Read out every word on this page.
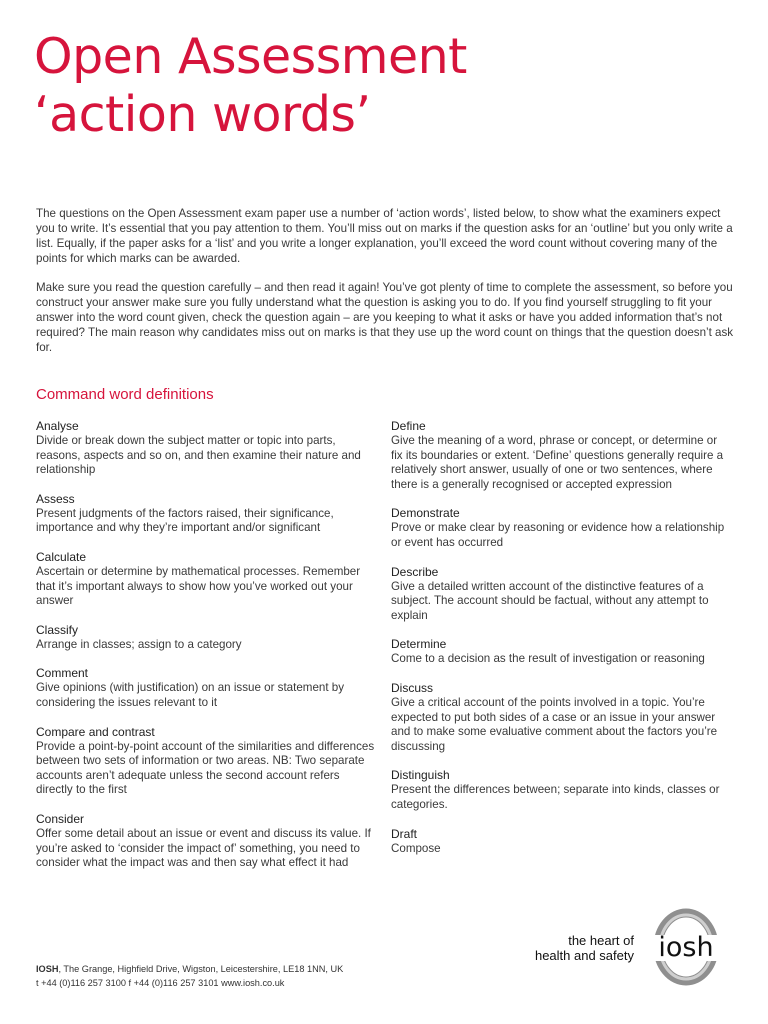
Open Assessment
‘action words’

The questions on the Open Assessment exam paper use a number of ‘action words’, listed below, to show what the examiners expect you to write. It’s essential that you pay attention to them. You’ll miss out on marks if the question asks for an ‘outline’ but you only write a list. Equally, if the paper asks for a ‘list’ and you write a longer explanation, you’ll exceed the word count without covering many of the points for which marks can be awarded.

Make sure you read the question carefully – and then read it again! You’ve got plenty of time to complete the assessment, so before you construct your answer make sure you fully understand what the question is asking you to do. If you find yourself struggling to fit your answer into the word count given, check the question again – are you keeping to what it asks or have you added information that’s not required? The main reason why candidates miss out on marks is that they use up the word count on things that the question doesn’t ask for.

Command word definitions
Analyse
Divide or break down the subject matter or topic into parts, reasons, aspects and so on, and then examine their nature and relationship
Assess
Present judgments of the factors raised, their significance, importance and why they’re important and/or significant
Calculate
Ascertain or determine by mathematical processes. Remember that it’s important always to show how you’ve worked out your answer
Classify
Arrange in classes; assign to a category
Comment
Give opinions (with justification) on an issue or statement by considering the issues relevant to it
Compare and contrast
Provide a point-by-point account of the similarities and differences between two sets of information or two areas. NB: Two separate accounts aren’t adequate unless the second account refers directly to the first
Consider
Offer some detail about an issue or event and discuss its value. If you’re asked to ‘consider the impact of’ something, you need to consider what the impact was and then say what effect it had
Define
Give the meaning of a word, phrase or concept, or determine or fix its boundaries or extent. ‘Define’ questions generally require a relatively short answer, usually of one or two sentences, where there is a generally recognised or accepted expression
Demonstrate
Prove or make clear by reasoning or evidence how a relationship or event has occurred
Describe
Give a detailed written account of the distinctive features of a subject. The account should be factual, without any attempt to explain
Determine
Come to a decision as the result of investigation or reasoning
Discuss
Give a critical account of the points involved in a topic. You’re expected to put both sides of a case or an issue in your answer and to make some evaluative comment about the factors you’re discussing
Distinguish
Present the differences between; separate into kinds, classes or categories.
Draft
Compose
IOSH, The Grange, Highfield Drive, Wigston, Leicestershire, LE18 1NN, UK
t +44 (0)116 257 3100 f +44 (0)116 257 3101 www.iosh.co.uk
the heart of
health and safety iosh
